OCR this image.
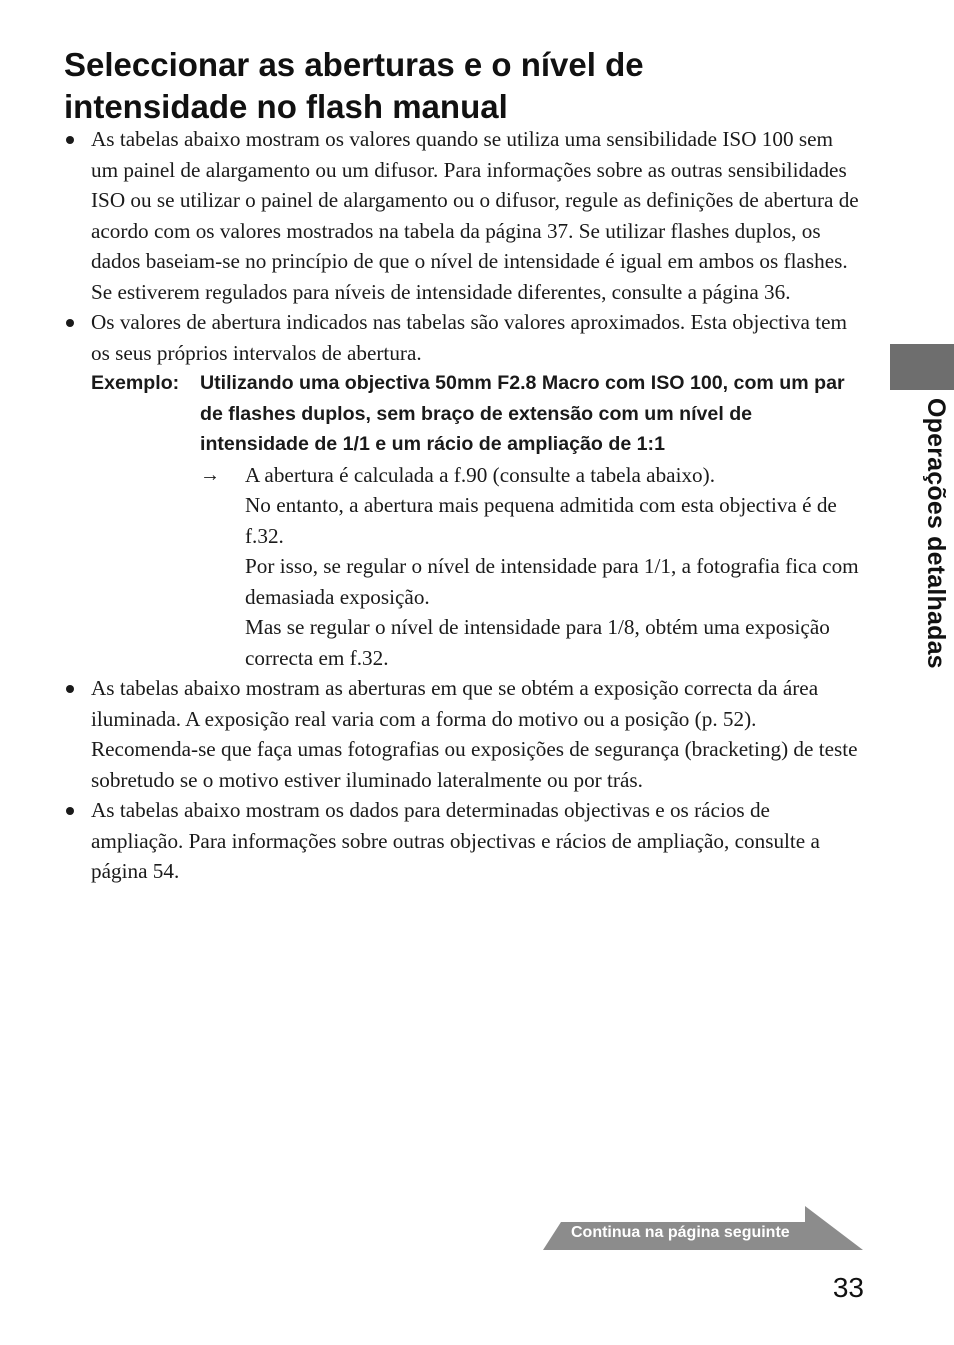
Seleccionar as aberturas e o nível de
intensidade no flash manual
As tabelas abaixo mostram os valores quando se utiliza uma sensibilidade ISO 100 sem um painel de alargamento ou um difusor. Para informações sobre as outras sensibilidades ISO ou se utilizar o painel de alargamento ou o difusor, regule as definições de abertura de acordo com os valores mostrados na tabela da página 37. Se utilizar flashes duplos, os dados baseiam-se no princípio de que o nível de intensidade é igual em ambos os flashes. Se estiverem regulados para níveis de intensidade diferentes, consulte a página 36.
Os valores de abertura indicados nas tabelas são valores aproximados. Esta objectiva tem os seus próprios intervalos de abertura.
Exemplo:	Utilizando uma objectiva 50mm F2.8 Macro com ISO 100, com um par de flashes duplos, sem braço de extensão com um nível de intensidade de 1/1 e um rácio de ampliação de 1:1
→ A abertura é calculada a f.90 (consulte a tabela abaixo).

No entanto, a abertura mais pequena admitida com esta objectiva é de f.32.

Por isso, se regular o nível de intensidade para 1/1, a fotografia fica com demasiada exposição.

Mas se regular o nível de intensidade para 1/8, obtém uma exposição correcta em f.32.

As tabelas abaixo mostram as aberturas em que se obtém a exposição correcta da área iluminada. A exposição real varia com a forma do motivo ou a posição (p. 52). Recomenda-se que faça umas fotografias ou exposições de segurança (bracketing) de teste sobretudo se o motivo estiver iluminado lateralmente ou por trás.
As tabelas abaixo mostram os dados para determinadas objectivas e os rácios de ampliação. Para informações sobre outras objectivas e rácios de ampliação, consulte a página 54.
Operações detalhadas
Continua na página seguinte
33
